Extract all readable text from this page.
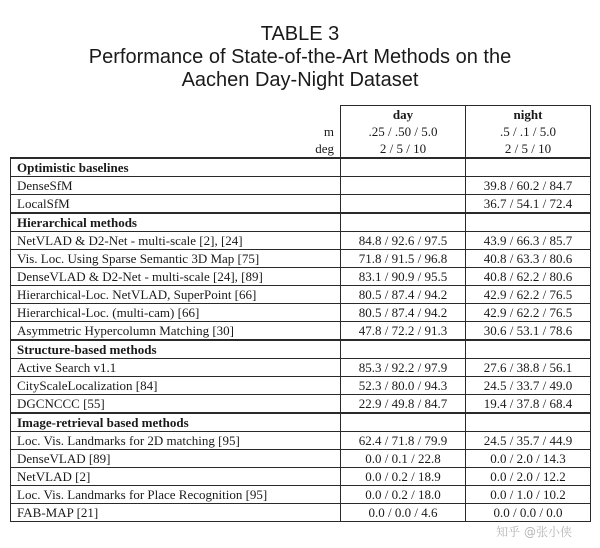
TABLE 3
Performance of State-of-the-Art Methods on the
Aachen Day-Night Dataset
	day	night
m	.25 / .50 / 5.0	.5 / .1 / 5.0
deg	2 / 5 / 10	2 / 5 / 10
Optimistic baselines		
DenseSfM		39.8 / 60.2 / 84.7
LocalSfM		36.7 / 54.1 / 72.4
Hierarchical methods		
NetVLAD & D2-Net - multi-scale [2], [24]	84.8 / 92.6 / 97.5	43.9 / 66.3 / 85.7
Vis. Loc. Using Sparse Semantic 3D Map [75]	71.8 / 91.5 / 96.8	40.8 / 63.3 / 80.6
DenseVLAD & D2-Net - multi-scale [24], [89]	83.1 / 90.9 / 95.5	40.8 / 62.2 / 80.6
Hierarchical-Loc. NetVLAD, SuperPoint [66]	80.5 / 87.4 / 94.2	42.9 / 62.2 / 76.5
Hierarchical-Loc. (multi-cam) [66]	80.5 / 87.4 / 94.2	42.9 / 62.2 / 76.5
Asymmetric Hypercolumn Matching [30]	47.8 / 72.2 / 91.3	30.6 / 53.1 / 78.6
Structure-based methods		
Active Search v1.1	85.3 / 92.2 / 97.9	27.6 / 38.8 / 56.1
CityScaleLocalization [84]	52.3 / 80.0 / 94.3	24.5 / 33.7 / 49.0
DGCNCCC [55]	22.9 / 49.8 / 84.7	19.4 / 37.8 / 68.4
Image-retrieval based methods		
Loc. Vis. Landmarks for 2D matching [95]	62.4 / 71.8 / 79.9	24.5 / 35.7 / 44.9
DenseVLAD [89]	0.0 / 0.1 / 22.8	0.0 / 2.0 / 14.3
NetVLAD [2]	0.0 / 0.2 / 18.9	0.0 / 2.0 / 12.2
Loc. Vis. Landmarks for Place Recognition [95]	0.0 / 0.2 / 18.0	0.0 / 1.0 / 10.2
FAB-MAP [21]	0.0 / 0.0 / 4.6	0.0 / 0.0 / 0.0
知乎 @张小侠
